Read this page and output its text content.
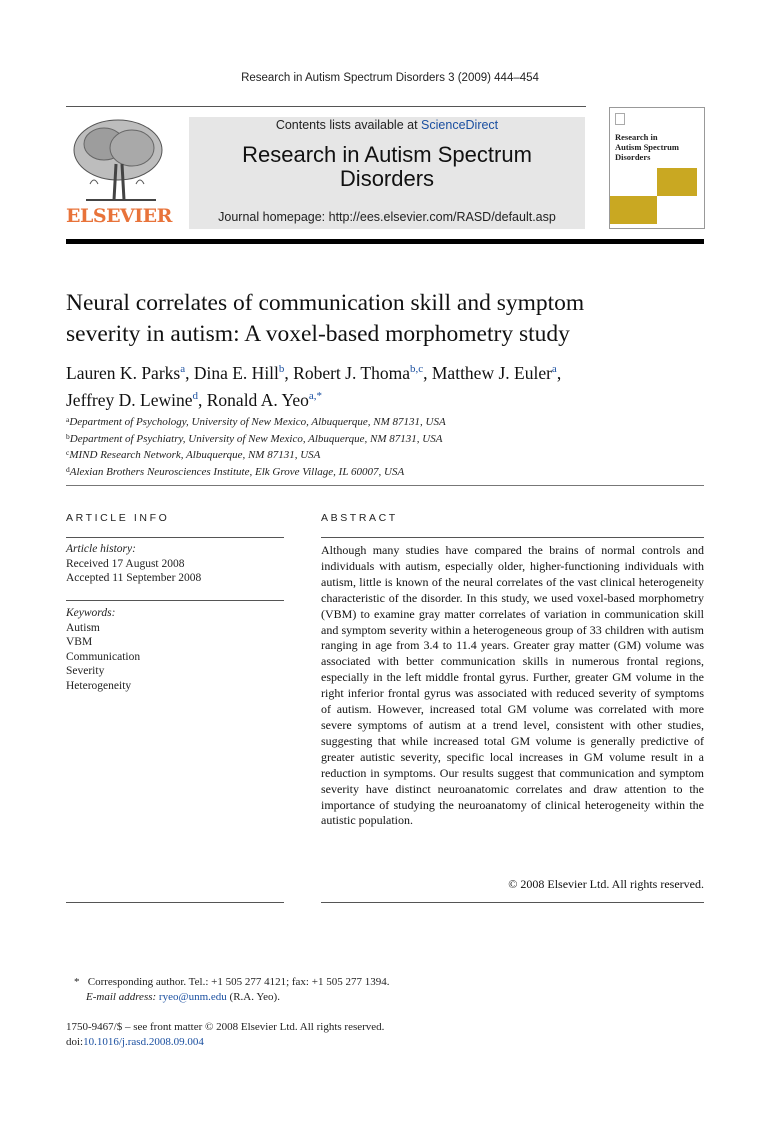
Research in Autism Spectrum Disorders 3 (2009) 444–454
ELSEVIER
Contents lists available at ScienceDirect
Research in Autism Spectrum
Disorders
Journal homepage: http://ees.elsevier.com/RASD/default.asp
Research in
Autism Spectrum
Disorders
Neural correlates of communication skill and symptom
severity in autism: A voxel-based morphometry study
Lauren K. Parks$^a$, Dina E. Hill$^b$, Robert J. Thoma$^{b,c}$, Matthew J. Euler$^a$,
Jeffrey D. Lewine$^d$, Ronald A. Yeo$^{a,*}$
$^a$Department of Psychology, University of New Mexico, Albuquerque, NM 87131, USA
$^b$Department of Psychiatry, University of New Mexico, Albuquerque, NM 87131, USA
$^c$MIND Research Network, Albuquerque, NM 87131, USA
$^d$Alexian Brothers Neurosciences Institute, Elk Grove Village, IL 60007, USA
ARTICLE INFO
Article history:
Received 17 August 2008
Accepted 11 September 2008
Keywords:
Autism
VBM
Communication
Severity
Heterogeneity
ABSTRACT
Although many studies have compared the brains of normal controls and individuals with autism, especially older, higher-functioning individuals with autism, little is known of the neural correlates of the vast clinical heterogeneity characteristic of the disorder. In this study, we used voxel-based morphometry (VBM) to examine gray matter correlates of variation in communication skill and symptom severity within a heterogeneous group of 33 children with autism ranging in age from 3.4 to 11.4 years. Greater gray matter (GM) volume was associated with better communication skills in numerous frontal regions, especially in the left middle frontal gyrus. Further, greater GM volume in the right inferior frontal gyrus was associated with reduced severity of symptoms of autism. However, increased total GM volume was correlated with more severe symptoms of autism at a trend level, consistent with other studies, suggesting that while increased total GM volume is generally predictive of greater autistic severity, specific local increases in GM volume result in a reduction in symptoms. Our results suggest that communication and symptom severity have distinct neuroanatomic correlates and draw attention to the importance of studying the neuroanatomy of clinical heterogeneity within the autistic population.
© 2008 Elsevier Ltd. All rights reserved.
* Corresponding author. Tel.: +1 505 277 4121; fax: +1 505 277 1394.
E-mail address: ryeo@unm.edu (R.A. Yeo).
1750-9467/$ – see front matter © 2008 Elsevier Ltd. All rights reserved.
doi:10.1016/j.rasd.2008.09.004
